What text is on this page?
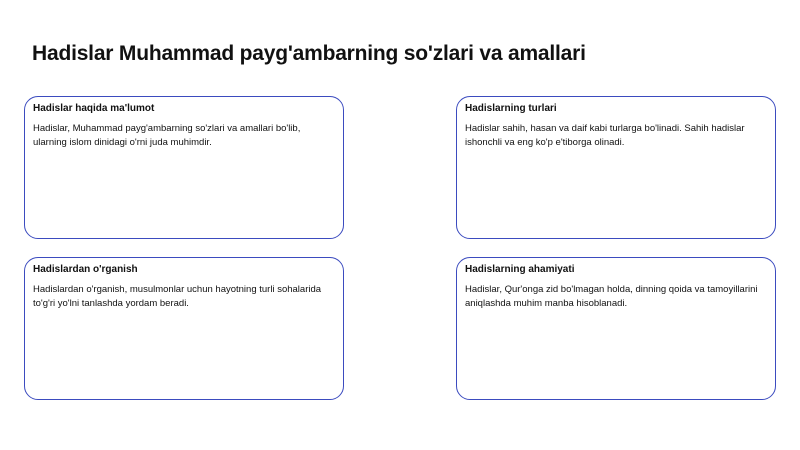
Hadislar Muhammad payg'ambarning so'zlari va amallari
Hadislar haqida ma'lumot
Hadislar, Muhammad payg'ambarning so'zlari va amallari bo'lib, ularning islom dinidagi o'rni juda muhimdir.
Hadislarning turlari
Hadislar sahih, hasan va daif kabi turlarga bo'linadi. Sahih hadislar ishonchli va eng ko'p e'tiborga olinadi.
Hadislardan o'rganish
Hadislardan o'rganish, musulmonlar uchun hayotning turli sohalarida to'g'ri yo'lni tanlashda yordam beradi.
Hadislarning ahamiyati
Hadislar, Qur'onga zid bo'lmagan holda, dinning qoida va tamoyillarini aniqlashda muhim manba hisoblanadi.
